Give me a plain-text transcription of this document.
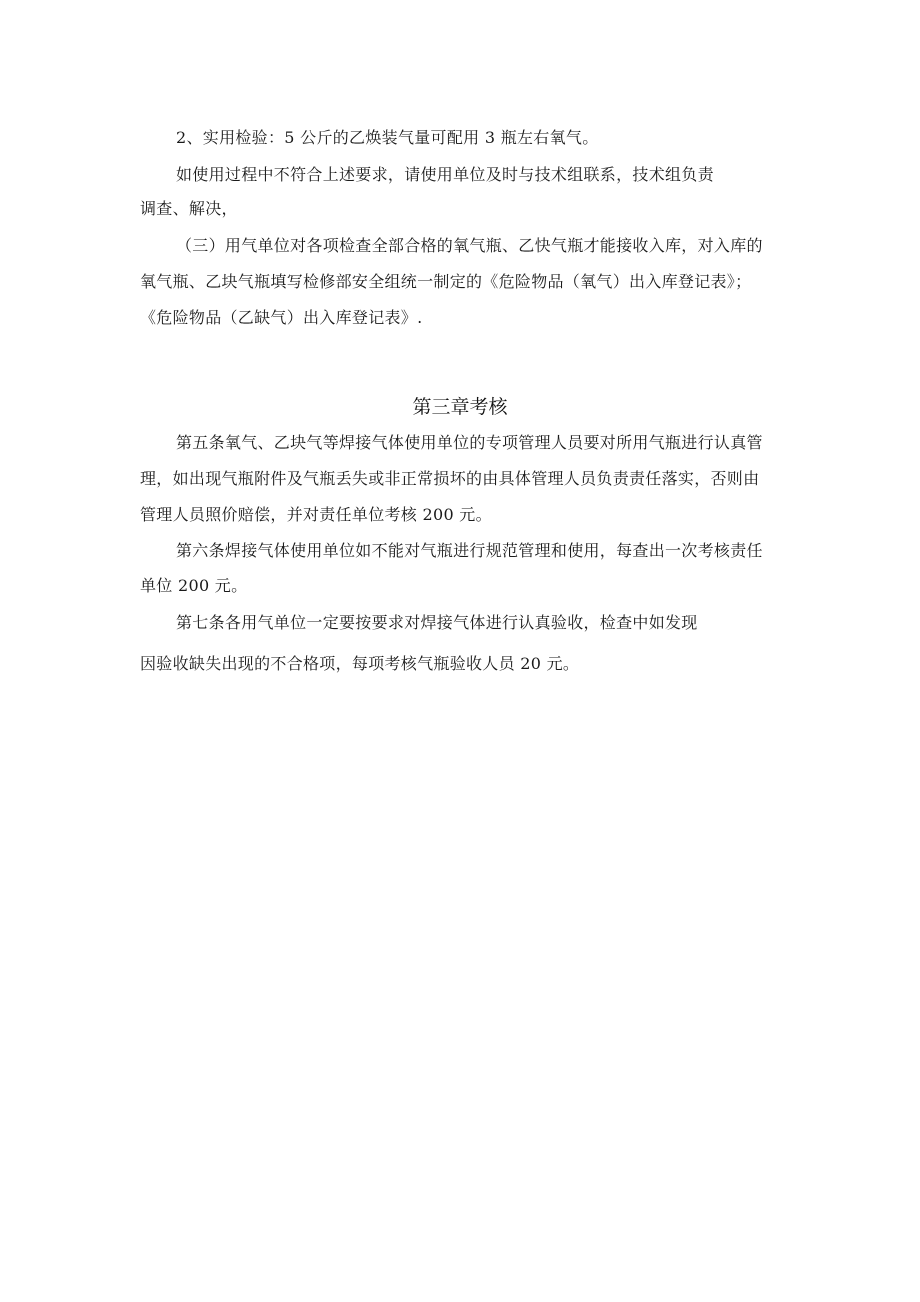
2、实用检验：5 公斤的乙焕装气量可配用 3 瓶左右氧气。
如使用过程中不符合上述要求，请使用单位及时与技术组联系，技术组负责
调查、解决，
（三）用气单位对各项检查全部合格的氧气瓶、乙快气瓶才能接收入库，对入库的
氧气瓶、乙块气瓶填写检修部安全组统一制定的《危险物品（氧气）出入库登记表》；
《危险物品（乙缺气）出入库登记表》.
第三章考核
第五条氧气、乙块气等焊接气体使用单位的专项管理人员要对所用气瓶进行认真管
理，如出现气瓶附件及气瓶丢失或非正常损坏的由具体管理人员负责责任落实，否则由
管理人员照价赔偿，并对责任单位考核 200 元。
第六条焊接气体使用单位如不能对气瓶进行规范管理和使用，每查出一次考核责任
单位 200 元。
第七条各用气单位一定要按要求对焊接气体进行认真验收，检查中如发现
因验收缺失出现的不合格项，每项考核气瓶验收人员 20 元。
